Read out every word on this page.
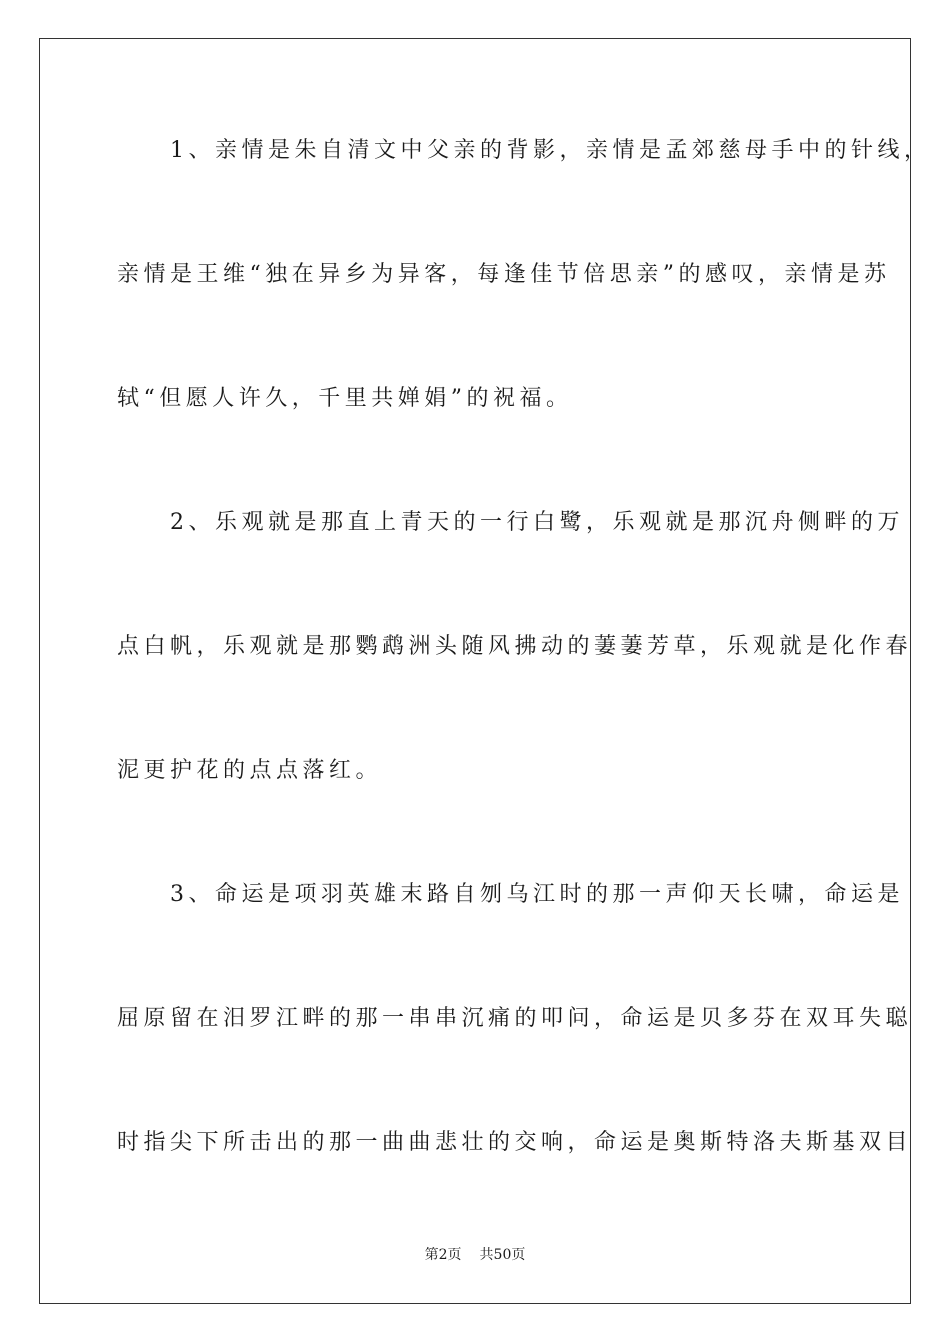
　　1、亲情是朱自清文中父亲的背影，亲情是孟郊慈母手中的针线，
亲情是王维“独在异乡为异客，每逢佳节倍思亲”的感叹，亲情是苏
轼“但愿人许久，千里共婵娟”的祝福。
　　2、乐观就是那直上青天的一行白鹭，乐观就是那沉舟侧畔的万
点白帆，乐观就是那鹦鹉洲头随风拂动的萋萋芳草，乐观就是化作春
泥更护花的点点落红。
　　3、命运是项羽英雄末路自刎乌江时的那一声仰天长啸，命运是
屈原留在汨罗江畔的那一串串沉痛的叩问，命运是贝多芬在双耳失聪
时指尖下所击出的那一曲曲悲壮的交响，命运是奥斯特洛夫斯基双目
第2页 共50页
